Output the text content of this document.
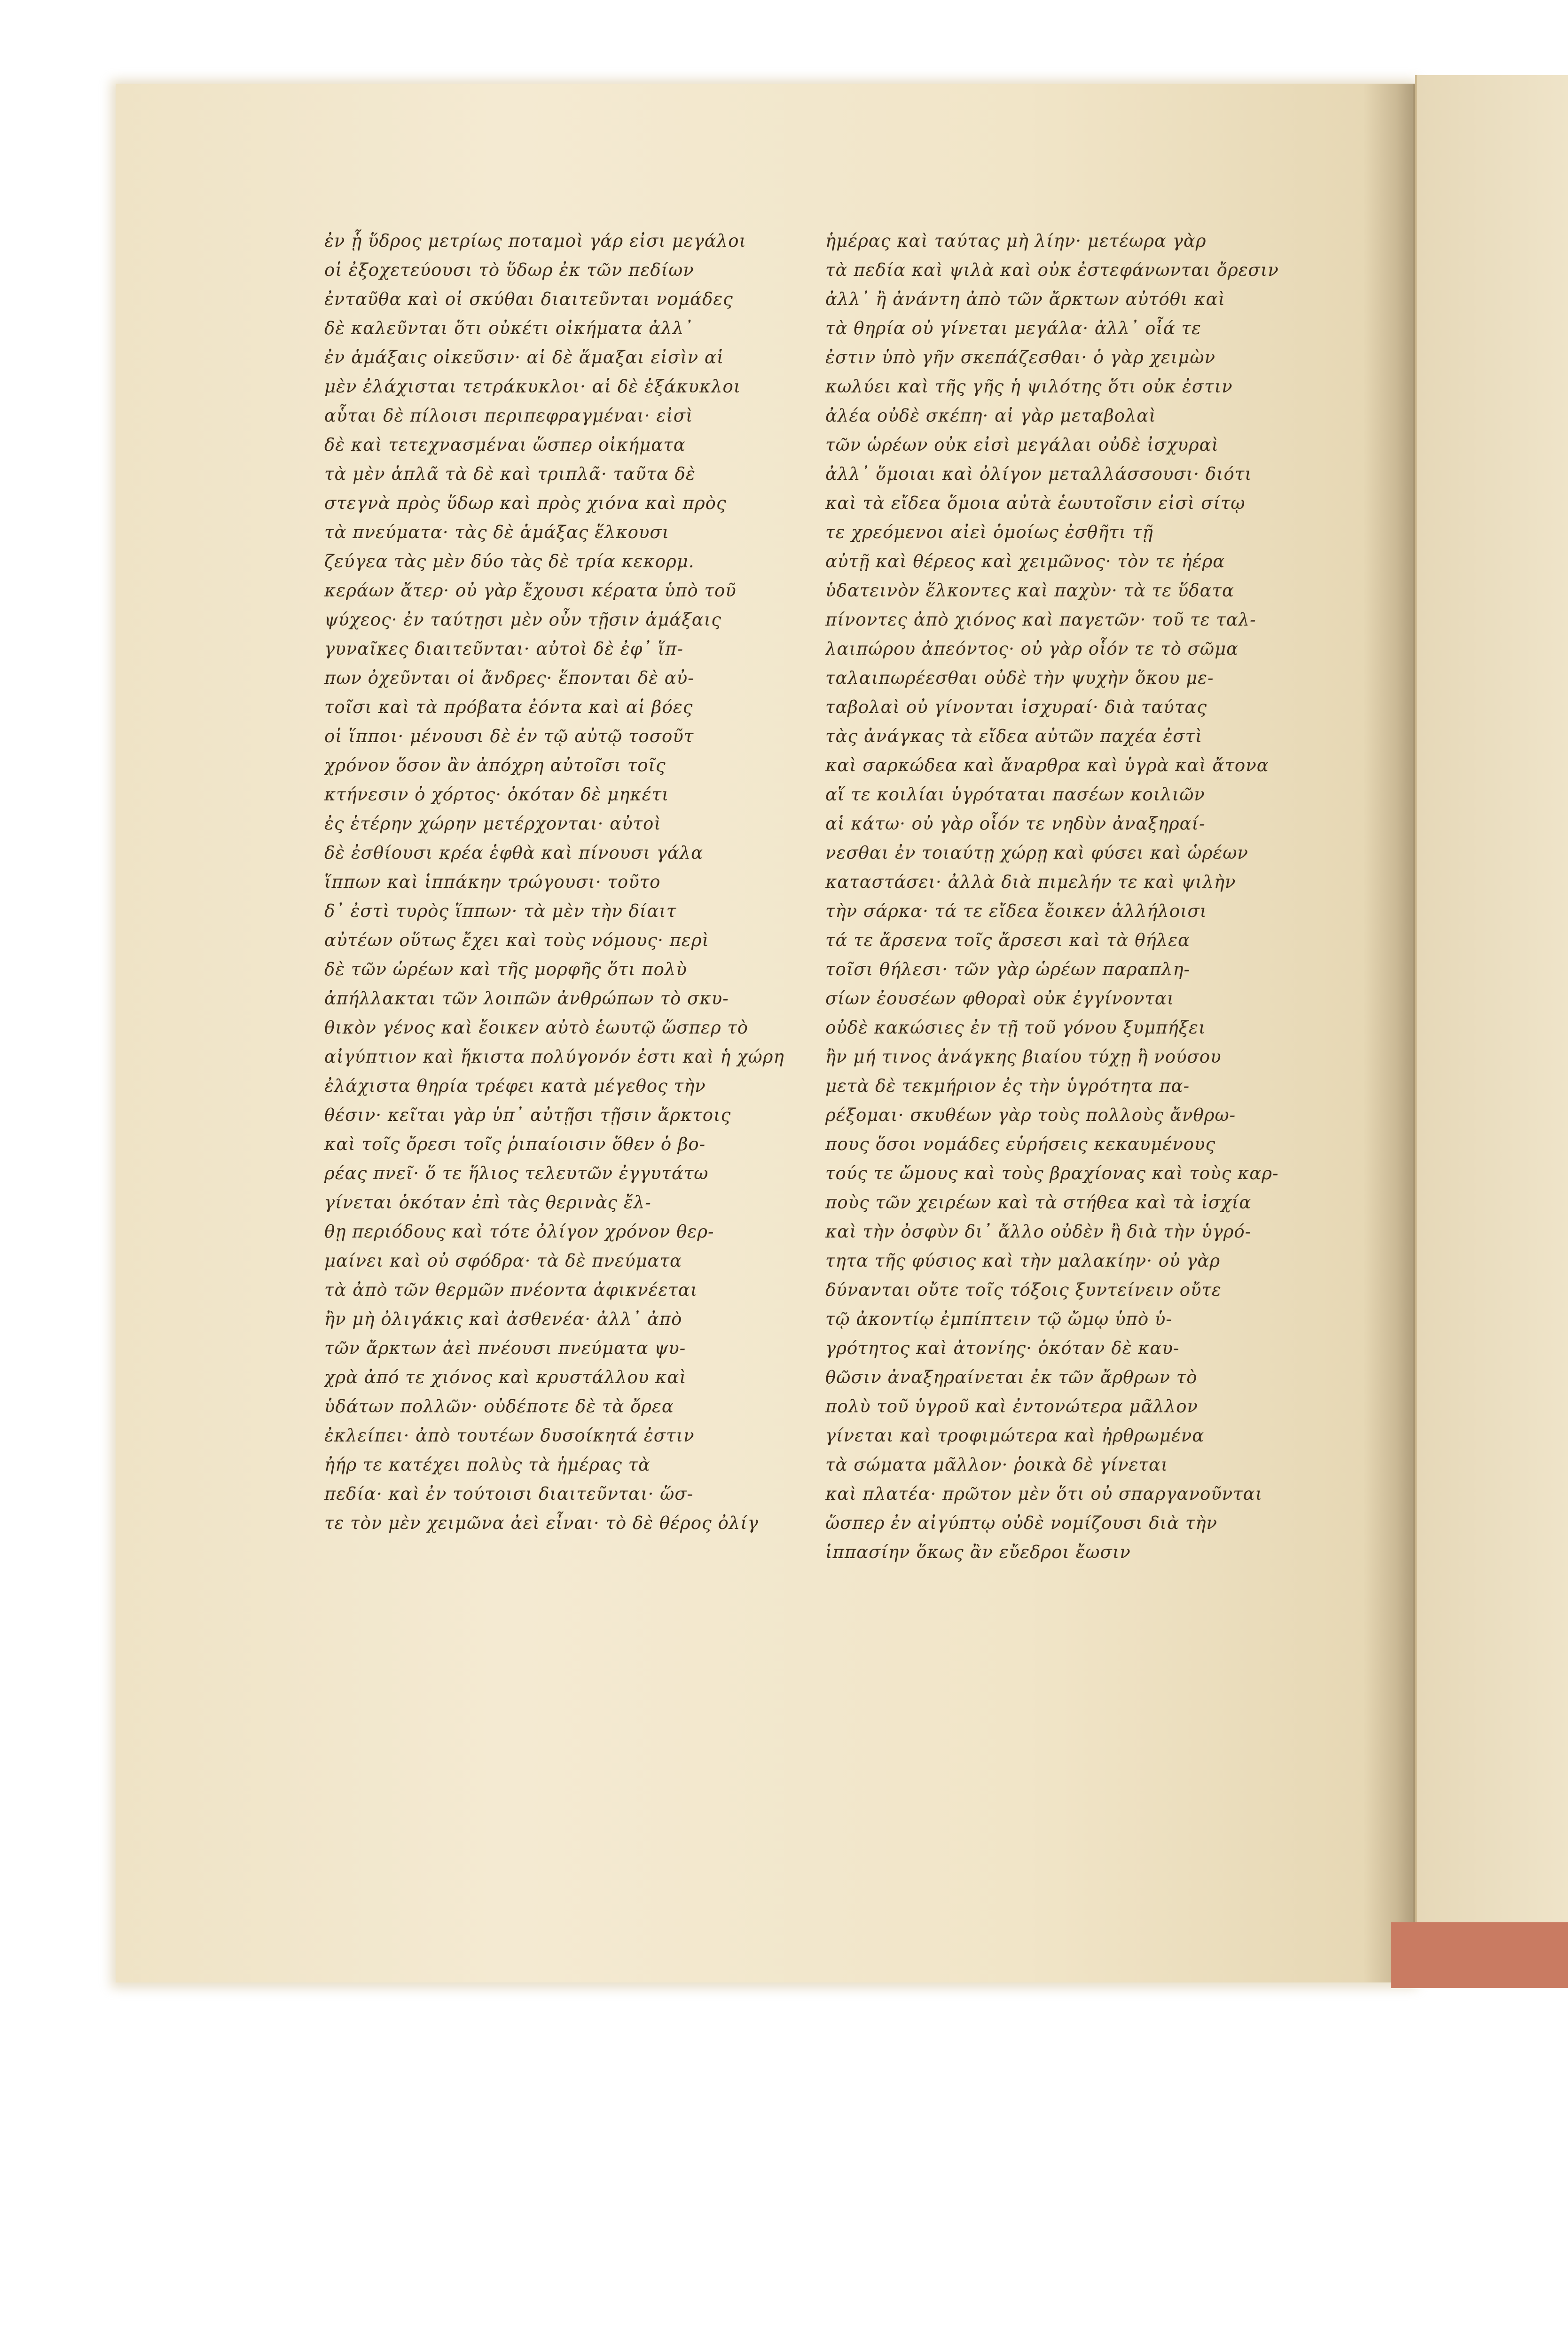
ἐν ᾗ ὕδρος μετρίως ποταμοὶ γάρ εἰσι μεγάλοι
οἱ ἐξοχετεύουσι τὸ ὕδωρ ἐκ τῶν πεδίων
ἐνταῦθα καὶ οἱ σκύθαι διαιτεῦνται νομάδες
δὲ καλεῦνται ὅτι οὐκέτι οἰκήματα ἀλλ᾽
ἐν ἁμάξαις οἰκεῦσιν· αἱ δὲ ἅμαξαι εἰσὶν αἱ
μὲν ἐλάχισται τετράκυκλοι· αἱ δὲ ἑξάκυκλοι
αὗται δὲ πίλοισι περιπεφραγμέναι· εἰσὶ
δὲ καὶ τετεχνασμέναι ὥσπερ οἰκήματα
τὰ μὲν ἁπλᾶ τὰ δὲ καὶ τριπλᾶ· ταῦτα δὲ
στεγνὰ πρὸς ὕδωρ καὶ πρὸς χιόνα καὶ πρὸς
τὰ πνεύματα· τὰς δὲ ἁμάξας ἕλκουσι
ζεύγεα τὰς μὲν δύο τὰς δὲ τρία κεκορμ.
κεράων ἄτερ· οὐ γὰρ ἔχουσι κέρατα ὑπὸ τοῦ
ψύχεος· ἐν ταύτῃσι μὲν οὖν τῇσιν ἁμάξαις
γυναῖκες διαιτεῦνται· αὐτοὶ δὲ ἐφ᾽ ἵπ-
πων ὀχεῦνται οἱ ἄνδρες· ἕπονται δὲ αὐ-
τοῖσι καὶ τὰ πρόβατα ἐόντα καὶ αἱ βόες
οἱ ἵπποι· μένουσι δὲ ἐν τῷ αὐτῷ τοσοῦτ
χρόνον ὅσον ἂν ἀπόχρη αὐτοῖσι τοῖς
κτήνεσιν ὁ χόρτος· ὁκόταν δὲ μηκέτι
ἐς ἑτέρην χώρην μετέρχονται· αὐτοὶ
δὲ ἐσθίουσι κρέα ἑφθὰ καὶ πίνουσι γάλα
ἵππων καὶ ἱππάκην τρώγουσι· τοῦτο
δ᾽ ἐστὶ τυρὸς ἵππων· τὰ μὲν τὴν δίαιτ
αὐτέων οὕτως ἔχει καὶ τοὺς νόμους· περὶ
δὲ τῶν ὡρέων καὶ τῆς μορφῆς ὅτι πολὺ
ἀπήλλακται τῶν λοιπῶν ἀνθρώπων τὸ σκυ-
θικὸν γένος καὶ ἔοικεν αὐτὸ ἑωυτῷ ὥσπερ τὸ
αἰγύπτιον καὶ ἥκιστα πολύγονόν ἐστι καὶ ἡ χώρη
ἐλάχιστα θηρία τρέφει κατὰ μέγεθος τὴν
θέσιν· κεῖται γὰρ ὑπ᾽ αὐτῇσι τῇσιν ἄρκτοις
καὶ τοῖς ὄρεσι τοῖς ῥιπαίοισιν ὅθεν ὁ βο-
ρέας πνεῖ· ὅ τε ἥλιος τελευτῶν ἐγγυτάτω
γίνεται ὁκόταν ἐπὶ τὰς θερινὰς ἔλ-
θῃ περιόδους καὶ τότε ὀλίγον χρόνον θερ-
μαίνει καὶ οὐ σφόδρα· τὰ δὲ πνεύματα
τὰ ἀπὸ τῶν θερμῶν πνέοντα ἀφικνέεται
ἢν μὴ ὀλιγάκις καὶ ἀσθενέα· ἀλλ᾽ ἀπὸ
τῶν ἄρκτων ἀεὶ πνέουσι πνεύματα ψυ-
χρὰ ἀπό τε χιόνος καὶ κρυστάλλου καὶ
ὑδάτων πολλῶν· οὐδέποτε δὲ τὰ ὄρεα
ἐκλείπει· ἀπὸ τουτέων δυσοίκητά ἐστιν
ἠήρ τε κατέχει πολὺς τὰ ἡμέρας τὰ
πεδία· καὶ ἐν τούτοισι διαιτεῦνται· ὥσ-
τε τὸν μὲν χειμῶνα ἀεὶ εἶναι· τὸ δὲ θέρος ὀλίγ
ἡμέρας καὶ ταύτας μὴ λίην· μετέωρα γὰρ
τὰ πεδία καὶ ψιλὰ καὶ οὐκ ἐστεφάνωνται ὄρεσιν
ἀλλ᾽ ἢ ἀνάντη ἀπὸ τῶν ἄρκτων αὐτόθι καὶ
τὰ θηρία οὐ γίνεται μεγάλα· ἀλλ᾽ οἷά τε
ἐστιν ὑπὸ γῆν σκεπάζεσθαι· ὁ γὰρ χειμὼν
κωλύει καὶ τῆς γῆς ἡ ψιλότης ὅτι οὐκ ἐστιν
ἀλέα οὐδὲ σκέπη· αἱ γὰρ μεταβολαὶ
τῶν ὡρέων οὐκ εἰσὶ μεγάλαι οὐδὲ ἰσχυραὶ
ἀλλ᾽ ὅμοιαι καὶ ὀλίγον μεταλλάσσουσι· διότι
καὶ τὰ εἴδεα ὅμοια αὐτὰ ἑωυτοῖσιν εἰσὶ σίτῳ
τε χρεόμενοι αἰεὶ ὁμοίως ἐσθῆτι τῇ
αὐτῇ καὶ θέρεος καὶ χειμῶνος· τὸν τε ἠέρα
ὑδατεινὸν ἕλκοντες καὶ παχὺν· τὰ τε ὕδατα
πίνοντες ἀπὸ χιόνος καὶ παγετῶν· τοῦ τε ταλ-
λαιπώρου ἀπεόντος· οὐ γὰρ οἷόν τε τὸ σῶμα
ταλαιπωρέεσθαι οὐδὲ τὴν ψυχὴν ὅκου με-
ταβολαὶ οὐ γίνονται ἰσχυραί· διὰ ταύτας
τὰς ἀνάγκας τὰ εἴδεα αὐτῶν παχέα ἐστὶ
καὶ σαρκώδεα καὶ ἄναρθρα καὶ ὑγρὰ καὶ ἄτονα
αἵ τε κοιλίαι ὑγρόταται πασέων κοιλιῶν
αἱ κάτω· οὐ γὰρ οἷόν τε νηδὺν ἀναξηραί-
νεσθαι ἐν τοιαύτῃ χώρῃ καὶ φύσει καὶ ὡρέων
καταστάσει· ἀλλὰ διὰ πιμελήν τε καὶ ψιλὴν
τὴν σάρκα· τά τε εἴδεα ἔοικεν ἀλλήλοισι
τά τε ἄρσενα τοῖς ἄρσεσι καὶ τὰ θήλεα
τοῖσι θήλεσι· τῶν γὰρ ὡρέων παραπλη-
σίων ἐουσέων φθοραὶ οὐκ ἐγγίνονται
οὐδὲ κακώσιες ἐν τῇ τοῦ γόνου ξυμπήξει
ἢν μή τινος ἀνάγκης βιαίου τύχῃ ἢ νούσου
μετὰ δὲ τεκμήριον ἐς τὴν ὑγρότητα πα-
ρέξομαι· σκυθέων γὰρ τοὺς πολλοὺς ἄνθρω-
πους ὅσοι νομάδες εὑρήσεις κεκαυμένους
τούς τε ὤμους καὶ τοὺς βραχίονας καὶ τοὺς καρ-
ποὺς τῶν χειρέων καὶ τὰ στήθεα καὶ τὰ ἰσχία
καὶ τὴν ὀσφὺν δι᾽ ἄλλο οὐδὲν ἢ διὰ τὴν ὑγρό-
τητα τῆς φύσιος καὶ τὴν μαλακίην· οὐ γὰρ
δύνανται οὔτε τοῖς τόξοις ξυντείνειν οὔτε
τῷ ἀκοντίῳ ἐμπίπτειν τῷ ὤμῳ ὑπὸ ὑ-
γρότητος καὶ ἀτονίης· ὁκόταν δὲ καυ-
θῶσιν ἀναξηραίνεται ἐκ τῶν ἄρθρων τὸ
πολὺ τοῦ ὑγροῦ καὶ ἐντονώτερα μᾶλλον
γίνεται καὶ τροφιμώτερα καὶ ἠρθρωμένα
τὰ σώματα μᾶλλον· ῥοικὰ δὲ γίνεται
καὶ πλατέα· πρῶτον μὲν ὅτι οὐ σπαργανοῦνται
ὥσπερ ἐν αἰγύπτῳ οὐδὲ νομίζουσι διὰ τὴν
ἱππασίην ὅκως ἂν εὔεδροι ἔωσιν
